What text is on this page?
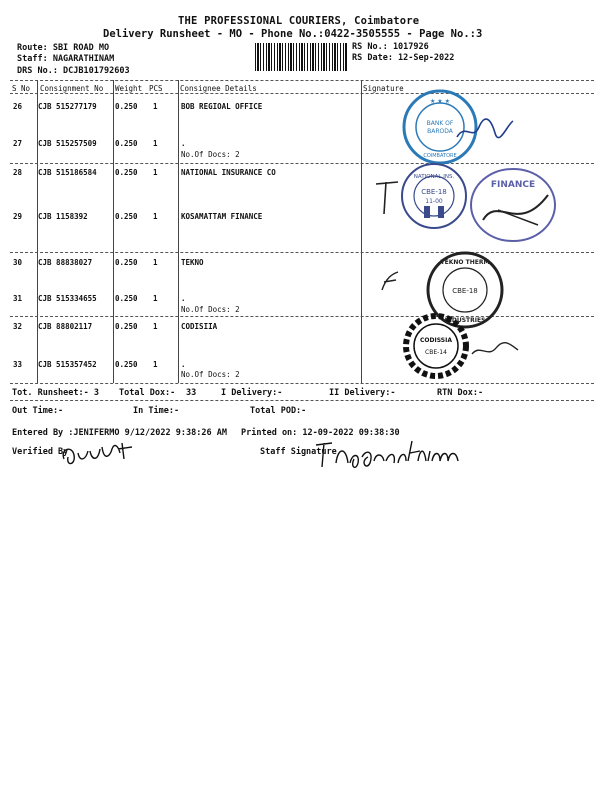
THE PROFESSIONAL COURIERS, Coimbatore
Delivery Runsheet - MO - Phone No.:0422-3505555 - Page No.:3
Route: SBI ROAD MO
Staff: NAGARATHINAM
DRS No.: DCJB101792603
RS No.: 1017926
RS Date: 12-Sep-2022
S No Consignment No Weight PCS Consignee Details	Signature
26 CJB 515277179 0.250 1	BOB REGIOAL OFFICE
27 CJB 515257509 0.250 1	.
No.Of Docs: 2
28 CJB 515186584 0.250 1	NATIONAL INSURANCE CO
29 CJB 1158392	0.250 1	KOSAMATTAM FINANCE
30 CJB 88838027	0.250 1	TEKNO
31 CJB 515334655 0.250 1	.
No.Of Docs: 2
32 CJB 88802117	0.250 1	CODISIIA
33 CJB 515357452 0.250 1	.
No.Of Docs: 2
★ ★ ★
BANK OF
BARODA
COIMBATORE
NATIONAL INS.
CBE-18
11-00
FINANCE
TEKNO THERM
INDUSTRIES
CBE-18
CODISSIA
CBE-14
Tot. Runsheet:- 3 Total Dox:- 33	I Delivery:-	II Delivery:-	RTN Dox:-
Out Time:-	In Time:-	Total POD:-
Entered By :JENIFERMO 9/12/2022 9:38:26 AM Printed on: 12-09-2022 09:38:30
Verified By	Staff Signature
